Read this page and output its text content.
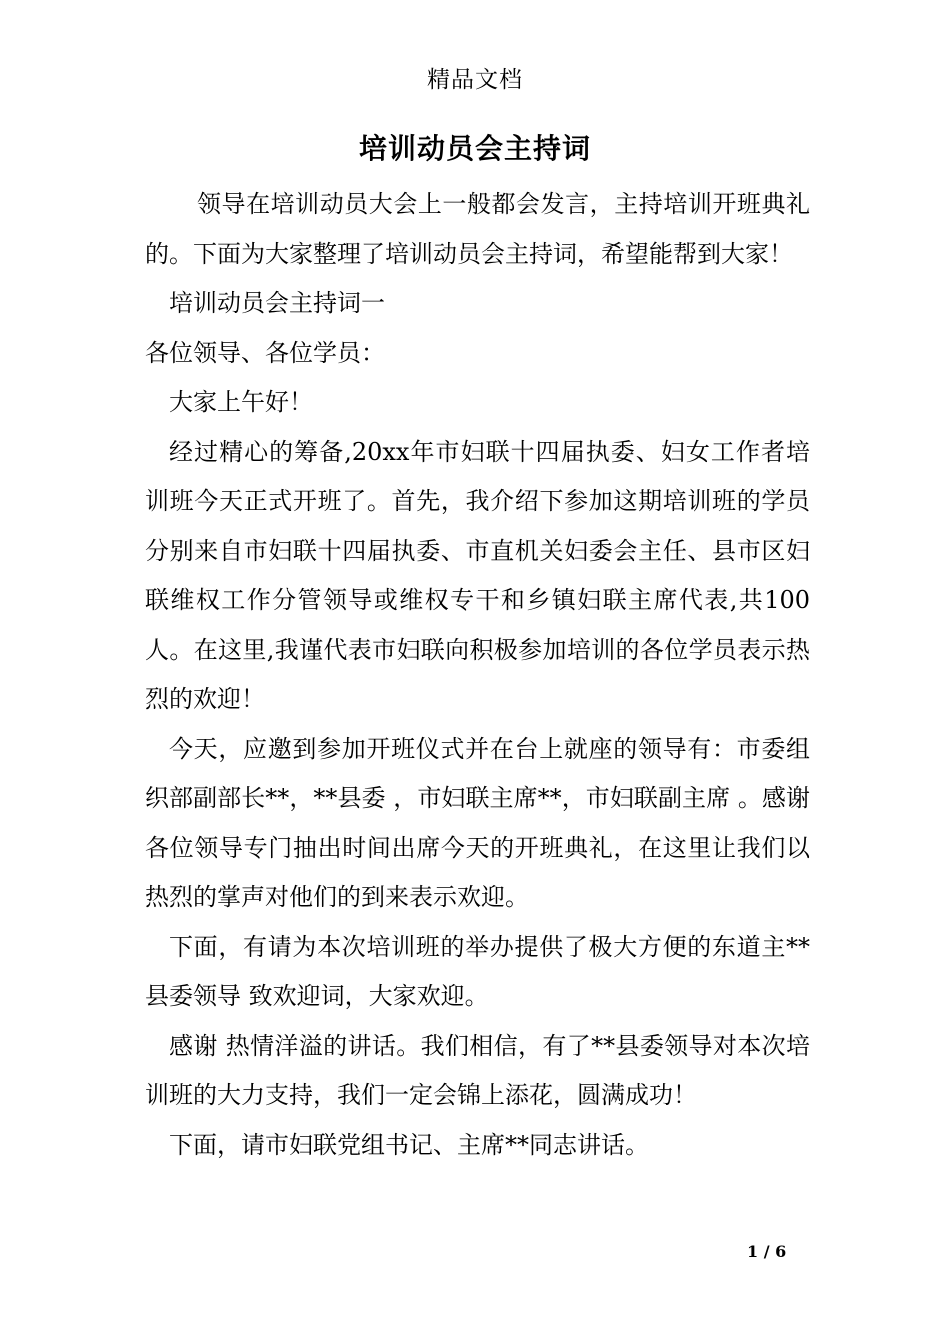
精品文档
培训动员会主持词

领导在培训动员大会上一般都会发言，主持培训开班典礼的。下面为大家整理了培训动员会主持词，希望能帮到大家！

培训动员会主持词一

各位领导、各位学员：

大家上午好！

经过精心的筹备,20xx年市妇联十四届执委、妇女工作者培训班今天正式开班了。首先，我介绍下参加这期培训班的学员分别来自市妇联十四届执委、市直机关妇委会主任、县市区妇联维权工作分管领导或维权专干和乡镇妇联主席代表,共100人。在这里,我谨代表市妇联向积极参加培训的各位学员表示热烈的欢迎！

今天，应邀到参加开班仪式并在台上就座的领导有：市委组织部副部长**，**县委 ，市妇联主席**，市妇联副主席 。感谢各位领导专门抽出时间出席今天的开班典礼，在这里让我们以热烈的掌声对他们的到来表示欢迎。

下面，有请为本次培训班的举办提供了极大方便的东道主**县委领导 致欢迎词，大家欢迎。

感谢 热情洋溢的讲话。我们相信，有了**县委领导对本次培训班的大力支持，我们一定会锦上添花，圆满成功！

下面，请市妇联党组书记、主席**同志讲话。

1 / 6
